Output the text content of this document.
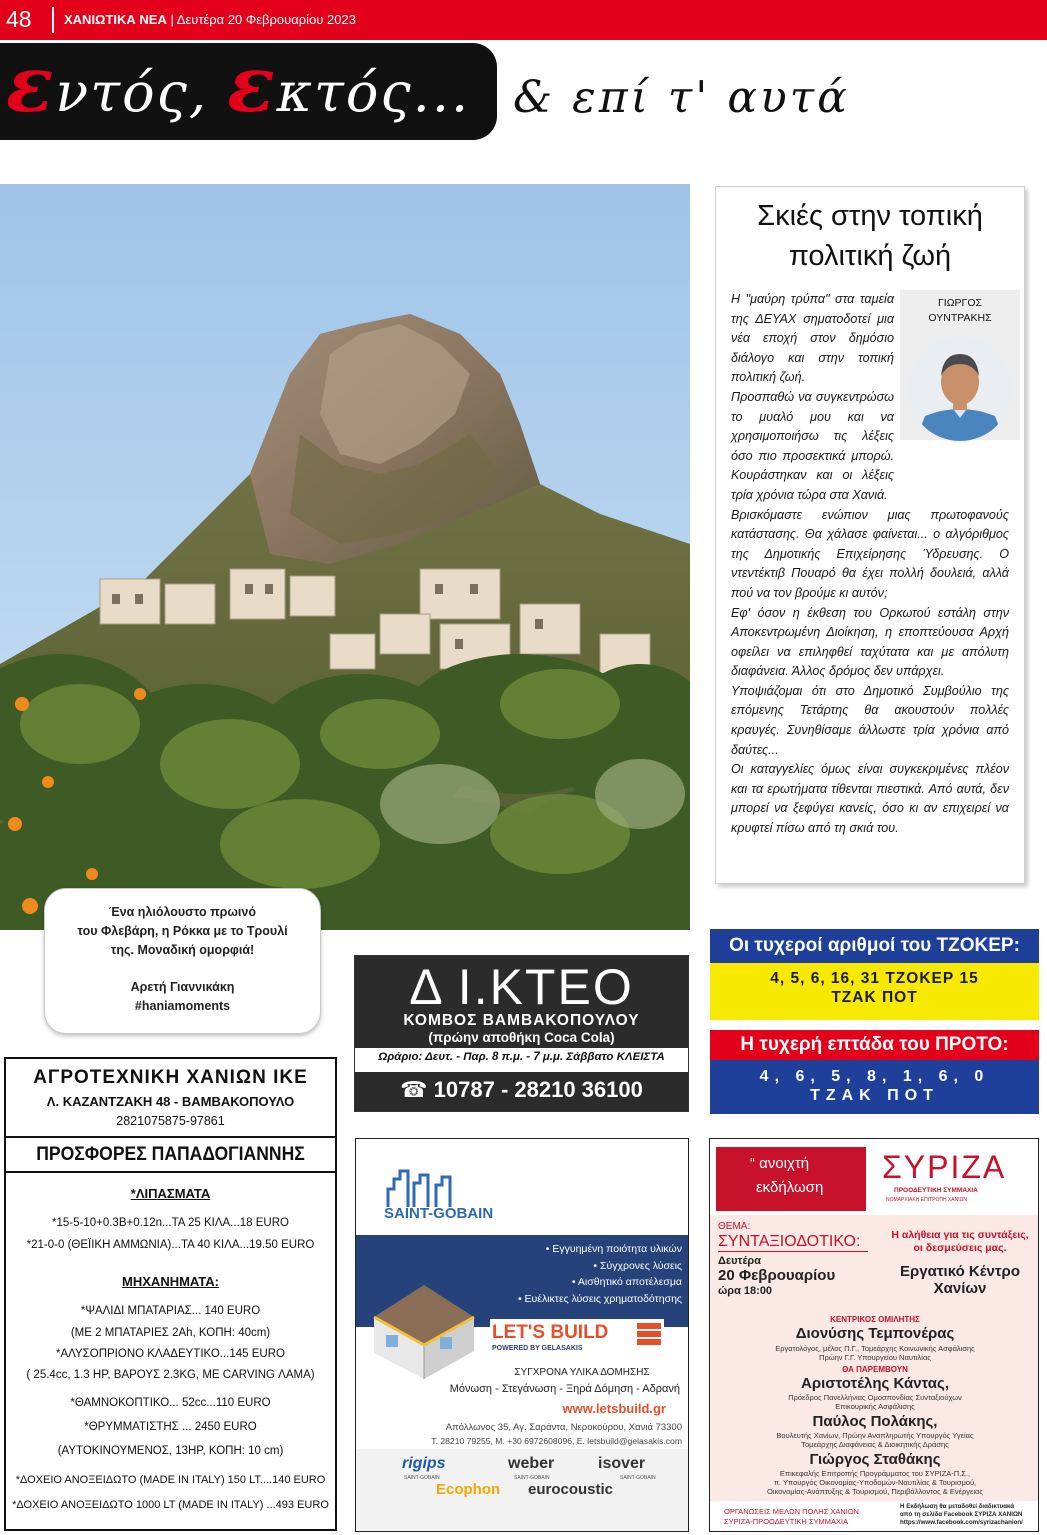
48 ΧΑΝΙΩΤΙΚΑ ΝΕΑ | Δευτέρα 20 Φεβρουαρίου 2023
εντός, εκτός... & επί τ' αυτά
Ένα ηλιόλουστο πρωινό
του Φλεβάρη, η Ρόκκα με το Τρουλί
της. Μοναδική ομορφιά!
Αρετή Γιαννικάκη
#haniamoments
Σκιές στην τοπική
πολιτική ζωή
ΓΙΩΡΓΟΣ
ΟΥΝΤΡΑΚΗΣ

Η "μαύρη τρύπα" στα ταμεία της ΔΕΥΑΧ σηματοδοτεί μια νέα εποχή στον δημόσιο διάλογο και στην τοπική πολιτική ζωή.

Προσπαθώ να συγκεντρώσω το μυαλό μου και να χρησιμοποιήσω τις λέξεις όσο πιο προσεκτικά μπορώ. Κουράστηκαν και οι λέξεις τρία χρόνια τώρα στα Χανιά.

Βρισκόμαστε ενώπιον μιας πρωτοφανούς κατάστασης. Θα χάλασε φαίνεται... ο αλγόριθμος της Δημοτικής Επιχείρησης Ύδρευσης. Ο ντεντέκτιβ Πουαρό θα έχει πολλή δουλειά, αλλά πού να τον βρούμε κι αυτόν;

Εφ' όσον η έκθεση του Ορκωτού εστάλη στην Αποκεντρωμένη Διοίκηση, η εποπτεύουσα Αρχή οφείλει να επιληφθεί ταχύτατα και με απόλυτη διαφάνεια. Άλλος δρόμος δεν υπάρχει.

Υποψιάζομαι ότι στο Δημοτικό Συμβούλιο της επόμενης Τετάρτης θα ακουστούν πολλές κραυγές. Συνηθίσαμε άλλωστε τρία χρόνια από δαύτες...

Οι καταγγελίες όμως είναι συγκεκριμένες πλέον και τα ερωτήματα τίθενται πιεστικά. Από αυτά, δεν μπορεί να ξεφύγει κανείς, όσο κι αν επιχειρεί να κρυφτεί πίσω από τη σκιά του.

Δ Ι.ΚΤΕΟ
ΚΟΜΒΟΣ ΒΑΜΒΑΚΟΠΟΥΛΟΥ
(πρώην αποθήκη Coca Cola)
Ωράριο: Δευτ. - Παρ. 8 π.μ. - 7 μ.μ. Σάββατο ΚΛΕΙΣΤΑ
☎ 10787 - 28210 36100
Οι τυχεροί αριθμοί του ΤΖΟΚΕΡ:
4, 5, 6, 16, 31 ΤΖΟΚΕΡ 15
ΤΖΑΚ ΠΟΤ
Η τυχερή επτάδα του ΠΡΟΤΟ:
4, 6, 5, 8, 1, 6, 0
ΤΖΑΚ ΠΟΤ
ΑΓΡΟΤΕΧΝΙΚΗ ΧΑΝΙΩΝ ΙΚΕ
Λ. ΚΑΖΑΝΤΖΑΚΗ 48 - ΒΑΜΒΑΚΟΠΟΥΛΟ
2821075875-97861
ΠΡΟΣΦΟΡΕΣ ΠΑΠΑΔΟΓΙΑΝΝΗΣ
*ΛΙΠΑΣΜΑΤΑ
*15-5-10+0.3B+0.12n...ΤΑ 25 ΚΙΛΑ...18 EURO
*21-0-0 (ΘΕΪΙΚΗ ΑΜΜΩΝΙΑ)...ΤΑ 40 ΚΙΛΑ...19.50 EURO
ΜΗΧΑΝΗΜΑΤΑ:
*ΨΑΛΙΔΙ ΜΠΑΤΑΡΙΑΣ... 140 EURO
(ΜΕ 2 ΜΠΑΤΑΡΙΕΣ 2Ah, ΚΟΠΗ: 40cm)
*ΑΛΥΣΟΠΡΙΟΝΟ ΚΛΑΔΕΥΤΙΚΟ...145 EURO
( 25.4cc, 1.3 HP, ΒΑΡΟΥΣ 2.3KG, ΜΕ CARVING ΛΑΜΑ)
*ΘΑΜΝΟΚΟΠΤΙΚΟ... 52cc...110 EURO
*ΘΡΥΜΜΑΤΙΣΤΗΣ ... 2450 EURO
(ΑΥΤΟΚΙΝΟΥΜΕΝΟΣ, 13HP, ΚΟΠΗ: 10 cm)
*ΔΟΧΕΙΟ ΑΝΟΞΕΙΔΩΤΟ (MADE IN ITALY) 150 LT....140 EURO
*ΔΟΧΕΙΟ ΑΝΟΞΕΙΔΩΤΟ 1000 LT (MADE IN ITALY) ...493 EURO
SAINT-GOBAIN
• Εγγυημένη ποιότητα υλικών
• Σύγχρονες λύσεις
• Αισθητικό αποτέλεσμα
• Ευέλικτες λύσεις χρηματοδότησης
LET'S BUILD
POWERED BY GELASAKIS
ΣΥΓΧΡΟΝΑ ΥΛΙΚΑ ΔΟΜΗΣΗΣ
Μόνωση - Στεγάνωση - Ξηρά Δόμηση - Αδρανή
www.letsbuild.gr
Απόλλωνος 35, Αγ. Σαράντα, Νεροκούρου, Χανιά 73300
T. 28210 79255, M. +30 6972608096, E. letsbuild@gelasakis.com
rigips
SAINT-GOBAIN
weber
SAINT-GOBAIN
isover
SAINT-GOBAIN
Ecophon eurocoustic
“ ανοιχτή
εκδήλωση
ΣΥΡΙΖΑ
ΠΡΟΟΔΕΥΤΙΚΗ ΣΥΜΜΑΧΙΑ
ΝΟΜΑΡΧΙΑΚΗ ΕΠΙΤΡΟΠΗ ΧΑΝΙΩΝ
ΘΕΜΑ:
ΣΥΝΤΑΞΙΟΔΟΤΙΚΟ:	Η αλήθεια για τις συντάξεις,
οι δεσμεύσεις μας.
Δευτέρα
20 Φεβρουαρίου
ώρα 18:00
Εργατικό Κέντρο
Χανίων
ΚΕΝΤΡΙΚΟΣ ΟΜΙΛΗΤΗΣ
Διονύσης Τεμπονέρας
Εργατολόγος, μέλος Π.Γ., Τομεάρχης Κοινωνικής Ασφάλισης
Πρώην Γ.Γ. Υπουργείου Ναυτιλίας
ΘΑ ΠΑΡΕΜΒΟΥΝ
Αριστοτέλης Κάντας,
Πρόεδρος Πανελλήνιας Ομοσπονδίας Συνταξιούχων
Επικουρικής Ασφάλισης
Παύλος Πολάκης,
Βουλευτής Χανίων, Πρώην Αναπληρωτής Υπουργός Υγείας
Τομεάρχης Διαφάνειας & Διοικητικής Δράσης
Γιώργος Σταθάκης
Επικεφαλής Επιτροπής Προγράμματος του ΣΥΡΙΖΑ-Π.Σ.,
π. Υπουργός Οικονομίας-Υποδομών-Ναυτιλίας & Τουρισμού,
Οικονομίας-Ανάπτυξης & Τουρισμού, Περιβάλλοντος & Ενέργειας
ΟΡΓΑΝΩΣΕΙΣ ΜΕΛΩΝ ΠΟΛΗΣ ΧΑΝΙΩΝ
ΣΥΡΙΖΑ-ΠΡΟΟΔΕΥΤΙΚΗ ΣΥΜΜΑΧΙΑ
Η Εκδήλωση θα μεταδοθεί διαδικτυακά
από τη σελίδα Facebook ΣΥΡΙΖΑ ΧΑΝΙΩΝ
https://www.facebook.com/syrizachanion/
